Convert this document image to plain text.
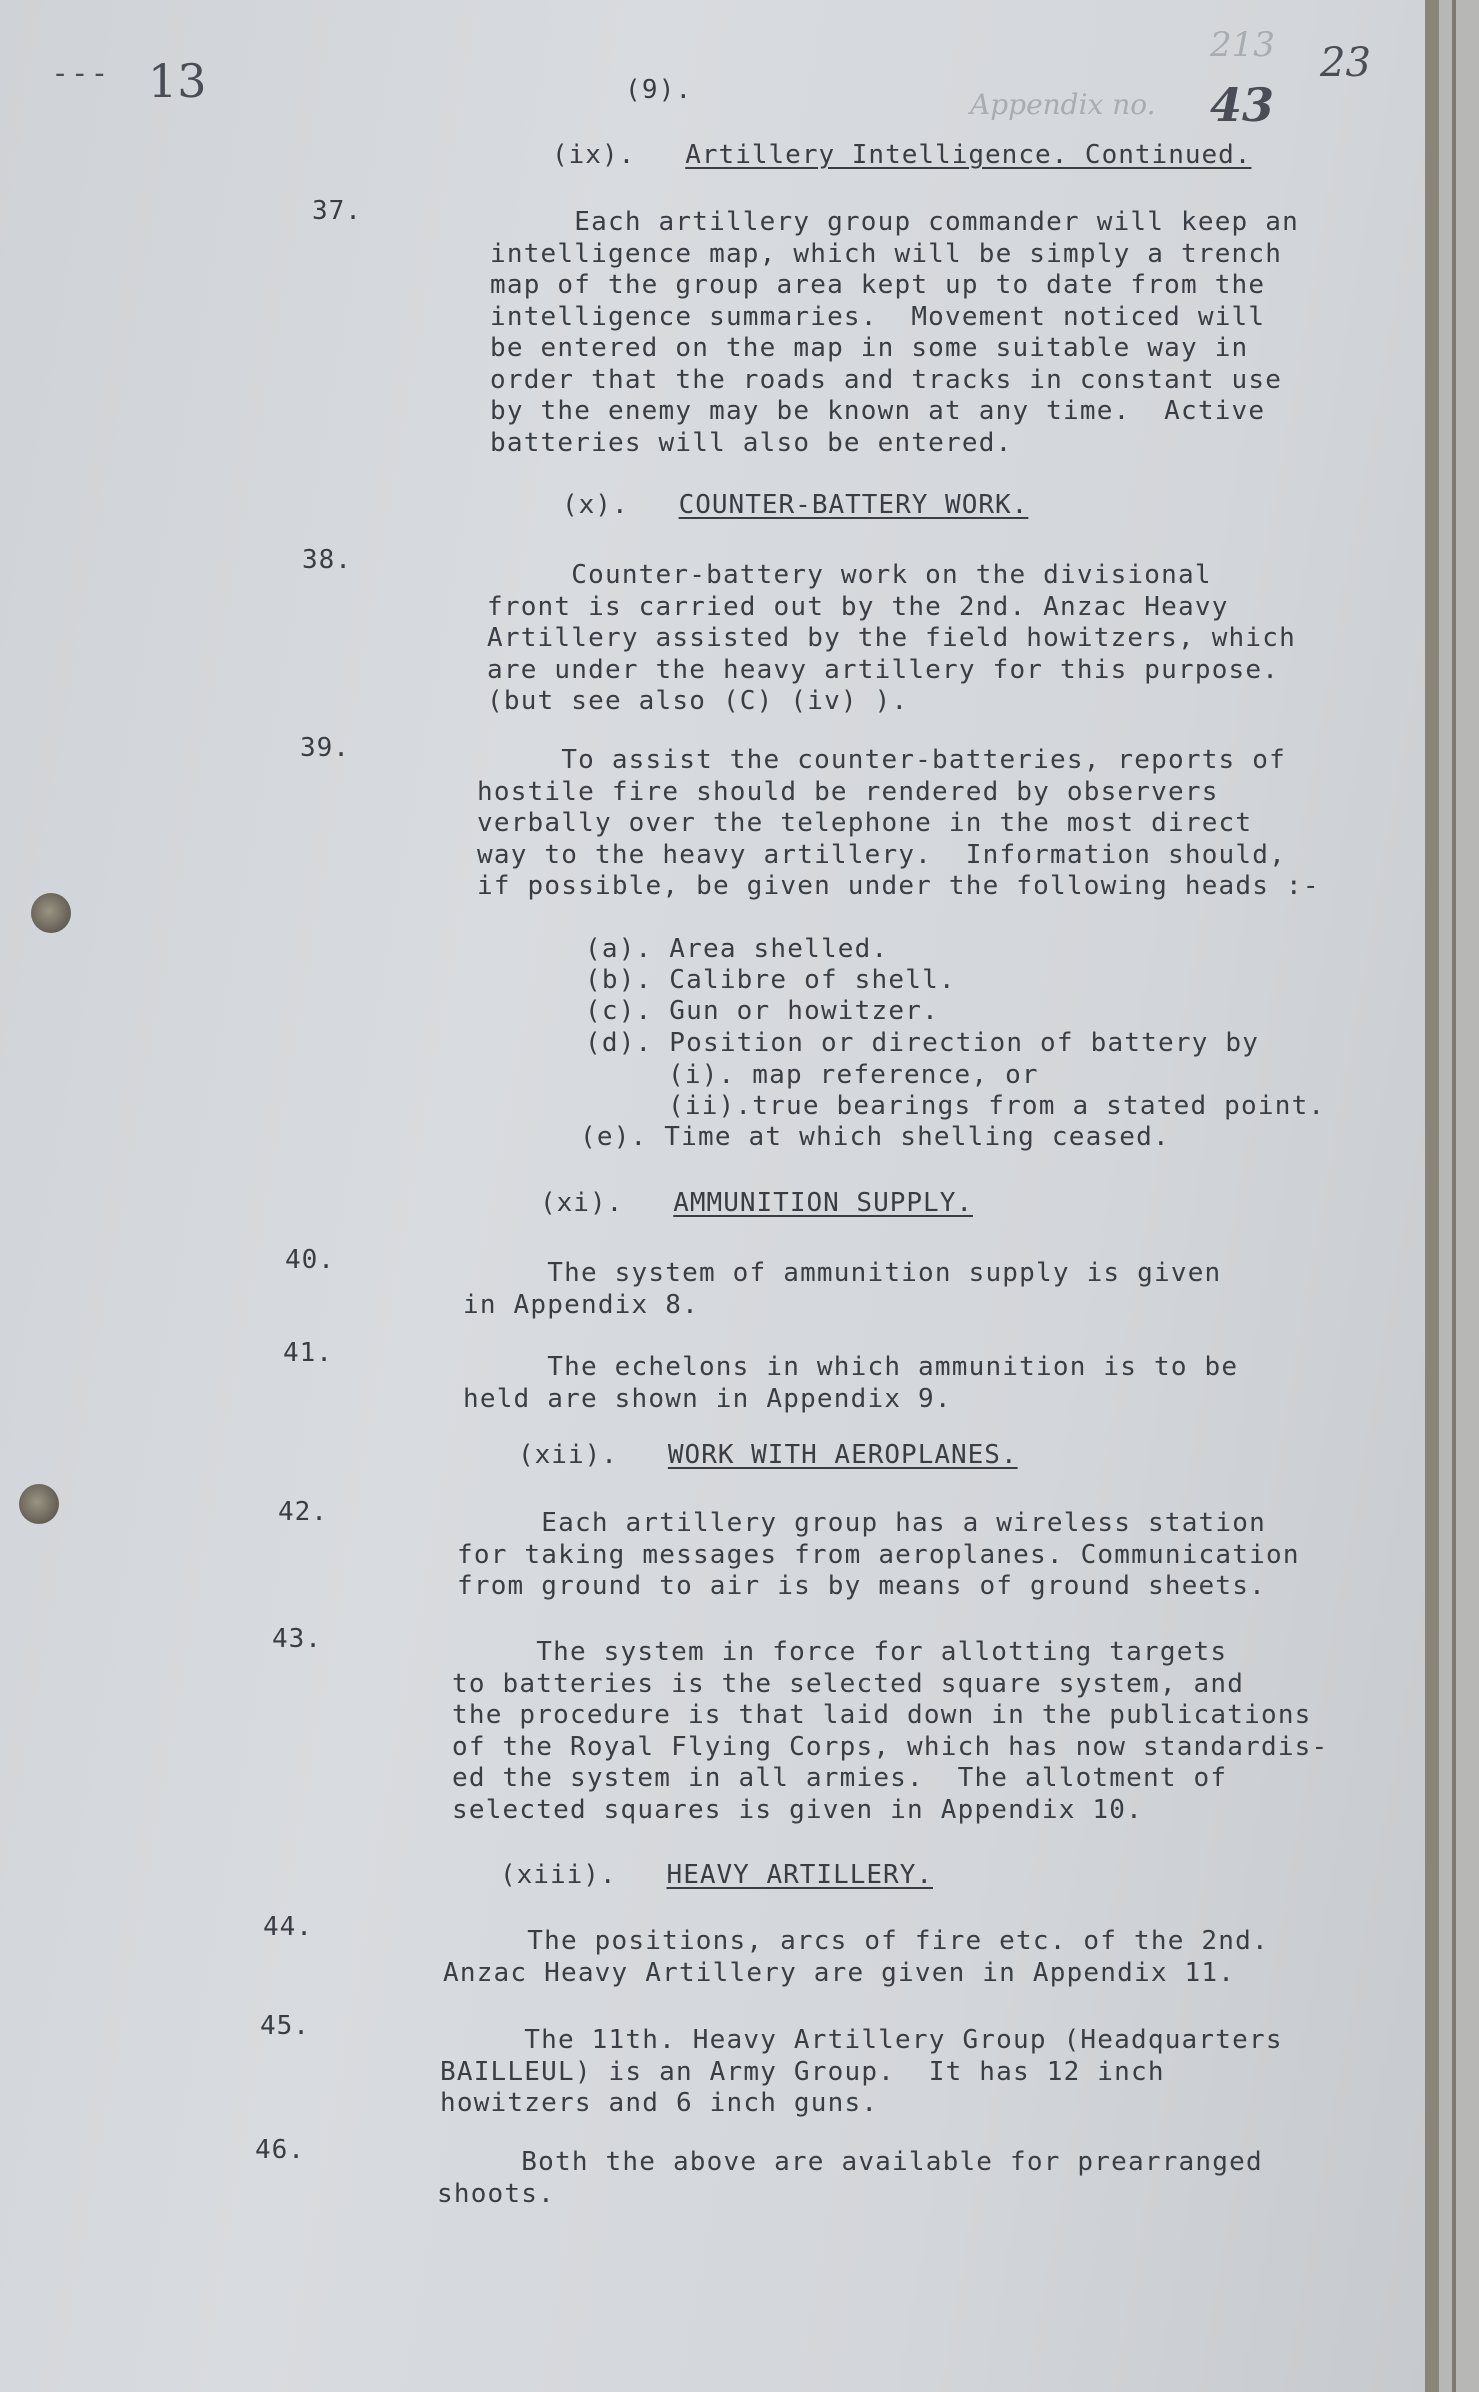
- - - 13	(9).
213 23
Appendix no. 43
(ix). Artillery Intelligence. Continued.
37.	Each artillery group commander will keep an
intelligence map, which will be simply a trench
map of the group area kept up to date from the
intelligence summaries.  Movement noticed will
be entered on the map in some suitable way in
order that the roads and tracks in constant use
by the enemy may be known at any time.  Active
batteries will also be entered.
(x). COUNTER-BATTERY WORK.
38.	Counter-battery work on the divisional
front is carried out by the 2nd. Anzac Heavy
Artillery assisted by the field howitzers, which
are under the heavy artillery for this purpose.
(but see also (C) (iv) ).
39.	To assist the counter-batteries, reports of
hostile fire should be rendered by observers
verbally over the telephone in the most direct
way to the heavy artillery.  Information should,
if possible, be given under the following heads :-
(a). Area shelled.
(b). Calibre of shell.
(c). Gun or howitzer.
(d). Position or direction of battery by
(i). map reference, or
(ii).true bearings from a stated point.
(e). Time at which shelling ceased.
(xi). AMMUNITION SUPPLY.
40.	The system of ammunition supply is given
in Appendix 8.
41.	The echelons in which ammunition is to be
held are shown in Appendix 9.
(xii). WORK WITH AEROPLANES.
42.	Each artillery group has a wireless station
for taking messages from aeroplanes. Communication
from ground to air is by means of ground sheets.
43.	The system in force for allotting targets
to batteries is the selected square system, and
the procedure is that laid down in the publications
of the Royal Flying Corps, which has now standardis-
ed the system in all armies.  The allotment of
selected squares is given in Appendix 10.
(xiii). HEAVY ARTILLERY.
44.	The positions, arcs of fire etc. of the 2nd.
Anzac Heavy Artillery are given in Appendix 11.
45.	The 11th. Heavy Artillery Group (Headquarters
BAILLEUL) is an Army Group.  It has 12 inch
howitzers and 6 inch guns.
46.	Both the above are available for prearranged
shoots.
